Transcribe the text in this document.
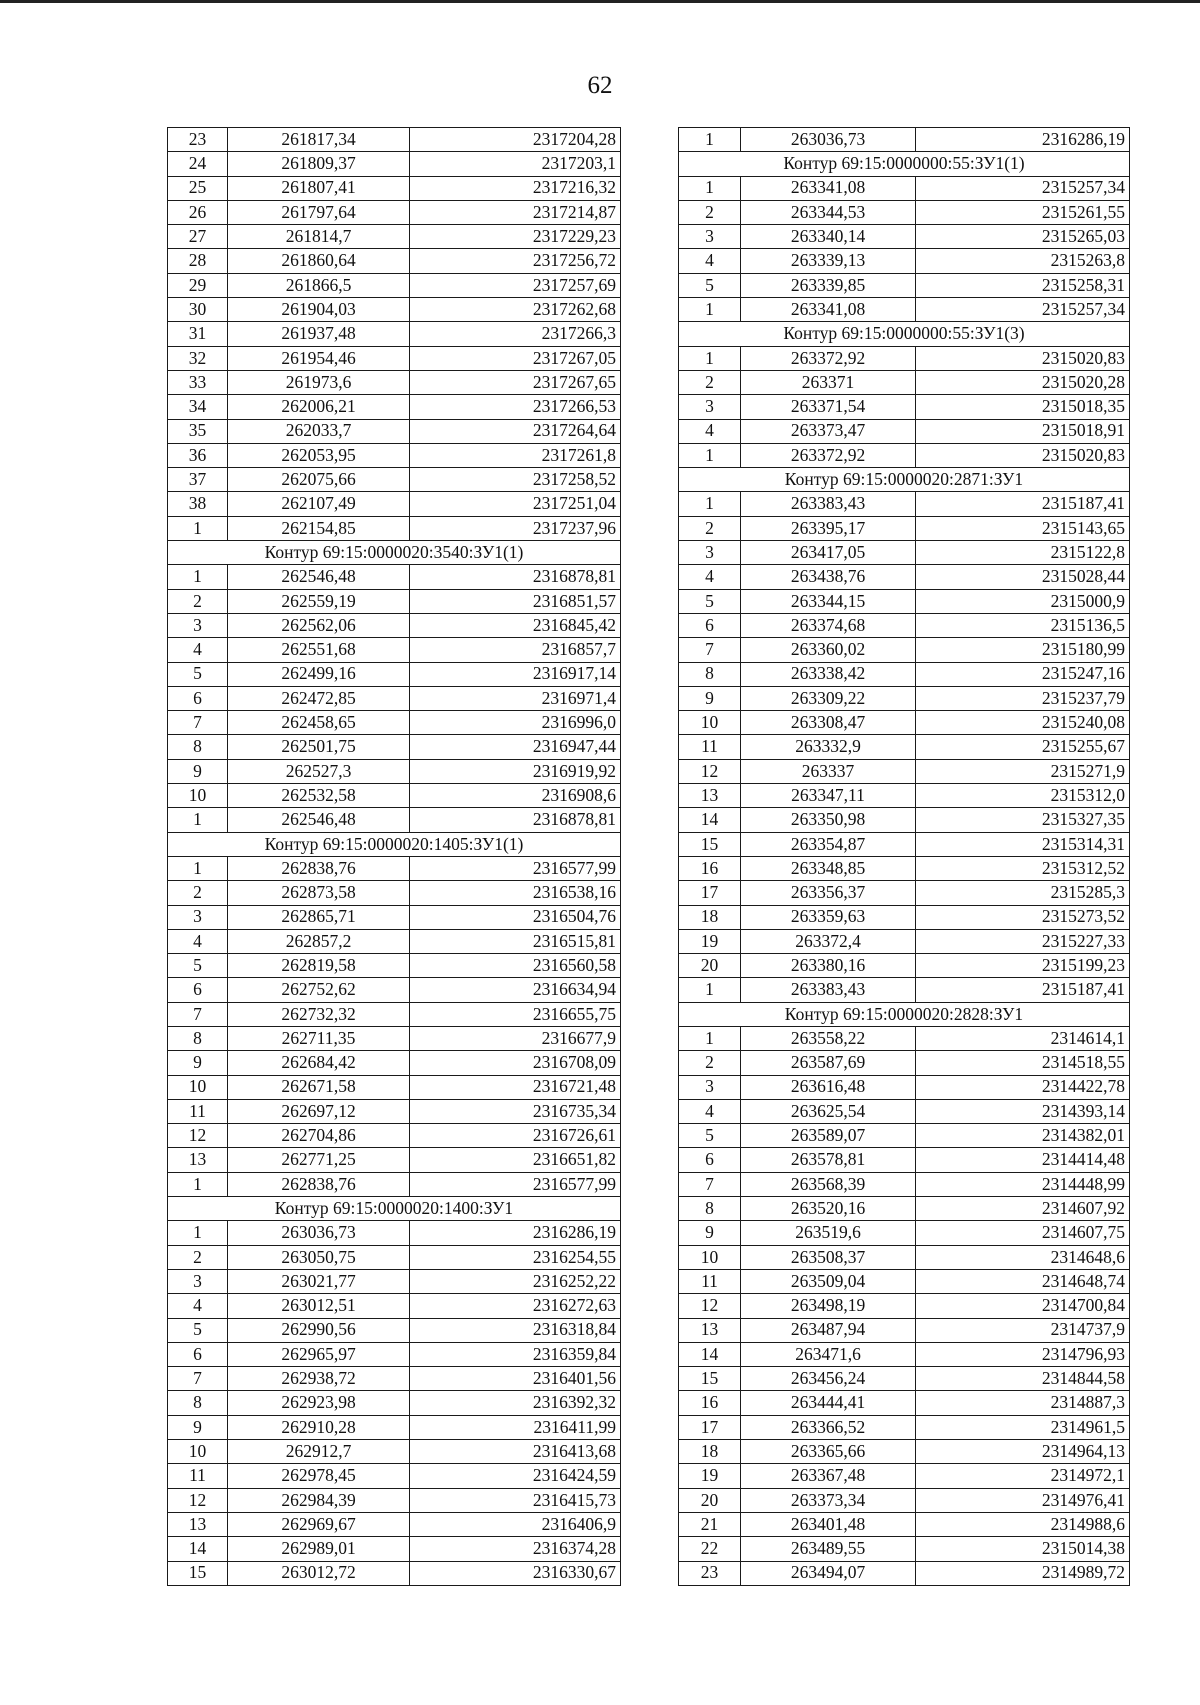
62
23	261817,34	2317204,28
24	261809,37	2317203,1
25	261807,41	2317216,32
26	261797,64	2317214,87
27	261814,7	2317229,23
28	261860,64	2317256,72
29	261866,5	2317257,69
30	261904,03	2317262,68
31	261937,48	2317266,3
32	261954,46	2317267,05
33	261973,6	2317267,65
34	262006,21	2317266,53
35	262033,7	2317264,64
36	262053,95	2317261,8
37	262075,66	2317258,52
38	262107,49	2317251,04
1	262154,85	2317237,96
Контур 69:15:0000020:3540:ЗУ1(1)		
1	262546,48	2316878,81
2	262559,19	2316851,57
3	262562,06	2316845,42
4	262551,68	2316857,7
5	262499,16	2316917,14
6	262472,85	2316971,4
7	262458,65	2316996,0
8	262501,75	2316947,44
9	262527,3	2316919,92
10	262532,58	2316908,6
1	262546,48	2316878,81
Контур 69:15:0000020:1405:ЗУ1(1)		
1	262838,76	2316577,99
2	262873,58	2316538,16
3	262865,71	2316504,76
4	262857,2	2316515,81
5	262819,58	2316560,58
6	262752,62	2316634,94
7	262732,32	2316655,75
8	262711,35	2316677,9
9	262684,42	2316708,09
10	262671,58	2316721,48
11	262697,12	2316735,34
12	262704,86	2316726,61
13	262771,25	2316651,82
1	262838,76	2316577,99
Контур 69:15:0000020:1400:ЗУ1		
1	263036,73	2316286,19
2	263050,75	2316254,55
3	263021,77	2316252,22
4	263012,51	2316272,63
5	262990,56	2316318,84
6	262965,97	2316359,84
7	262938,72	2316401,56
8	262923,98	2316392,32
9	262910,28	2316411,99
10	262912,7	2316413,68
11	262978,45	2316424,59
12	262984,39	2316415,73
13	262969,67	2316406,9
14	262989,01	2316374,28
15	263012,72	2316330,67
1	263036,73	2316286,19
Контур 69:15:0000000:55:ЗУ1(1)		
1	263341,08	2315257,34
2	263344,53	2315261,55
3	263340,14	2315265,03
4	263339,13	2315263,8
5	263339,85	2315258,31
1	263341,08	2315257,34
Контур 69:15:0000000:55:ЗУ1(3)		
1	263372,92	2315020,83
2	263371	2315020,28
3	263371,54	2315018,35
4	263373,47	2315018,91
1	263372,92	2315020,83
Контур 69:15:0000020:2871:ЗУ1		
1	263383,43	2315187,41
2	263395,17	2315143,65
3	263417,05	2315122,8
4	263438,76	2315028,44
5	263344,15	2315000,9
6	263374,68	2315136,5
7	263360,02	2315180,99
8	263338,42	2315247,16
9	263309,22	2315237,79
10	263308,47	2315240,08
11	263332,9	2315255,67
12	263337	2315271,9
13	263347,11	2315312,0
14	263350,98	2315327,35
15	263354,87	2315314,31
16	263348,85	2315312,52
17	263356,37	2315285,3
18	263359,63	2315273,52
19	263372,4	2315227,33
20	263380,16	2315199,23
1	263383,43	2315187,41
Контур 69:15:0000020:2828:ЗУ1		
1	263558,22	2314614,1
2	263587,69	2314518,55
3	263616,48	2314422,78
4	263625,54	2314393,14
5	263589,07	2314382,01
6	263578,81	2314414,48
7	263568,39	2314448,99
8	263520,16	2314607,92
9	263519,6	2314607,75
10	263508,37	2314648,6
11	263509,04	2314648,74
12	263498,19	2314700,84
13	263487,94	2314737,9
14	263471,6	2314796,93
15	263456,24	2314844,58
16	263444,41	2314887,3
17	263366,52	2314961,5
18	263365,66	2314964,13
19	263367,48	2314972,1
20	263373,34	2314976,41
21	263401,48	2314988,6
22	263489,55	2315014,38
23	263494,07	2314989,72
